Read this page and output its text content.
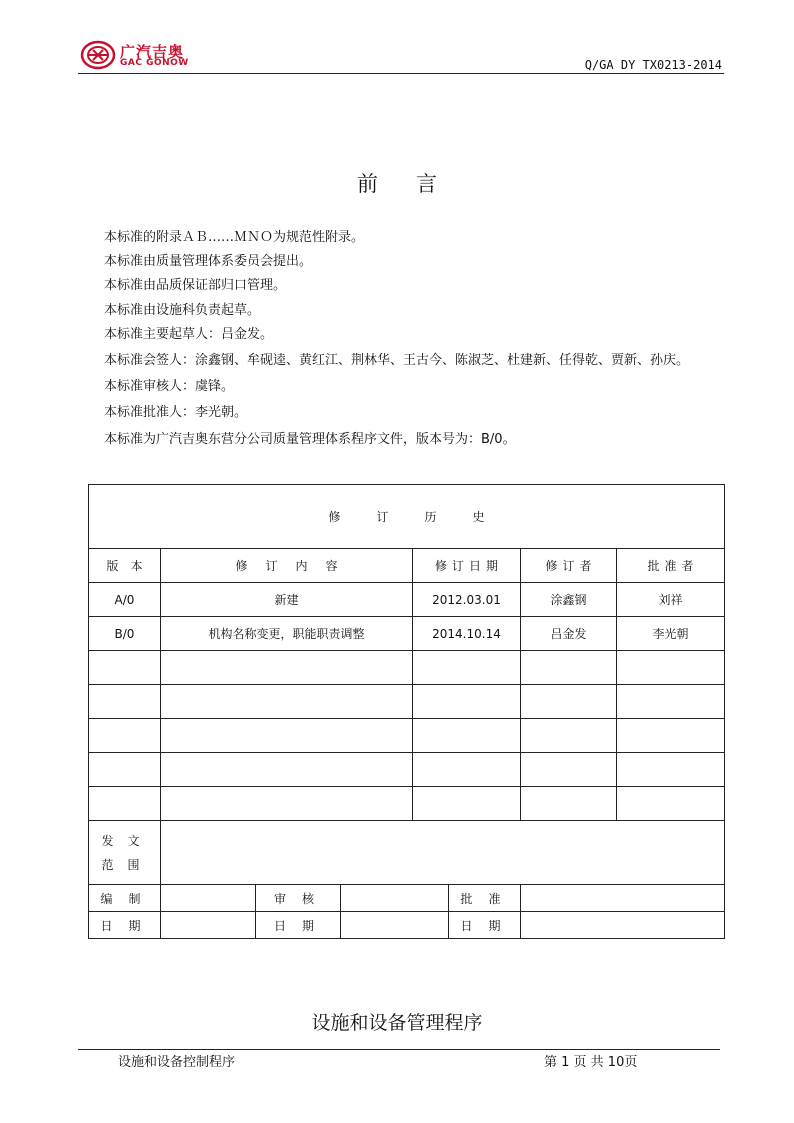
广汽吉奥
GAC GONOW	Q/GA DY TX0213-2014
前言
本标准的附录ＡＢ……ＭＮＯ为规范性附录。
本标准由质量管理体系委员会提出。
本标准由品质保证部归口管理。
本标准由设施科负责起草。
本标准主要起草人：吕金发。
本标准会签人：涂鑫钢、牟砚逵、黄红江、荆林华、王古今、陈淑芝、杜建新、任得乾、贾新、孙庆。
本标准审核人：虞锋。
本标准批准人：李光朝。
本标准为广汽吉奥东营分公司质量管理体系程序文件，版本号为：B/0。
修订历史							
版本	修订内容			修订日期		修订者	批准者
A/0	新建			2012.03.01		涂鑫钢	刘祥
B/0	机构名称变更，职能职责调整			2014.10.14		吕金发	李光朝

发文
范围							

编制		审核			批准		
日期		日期			日期		
设施和设备管理程序
设施和设备控制程序	第 1 页 共 10页
